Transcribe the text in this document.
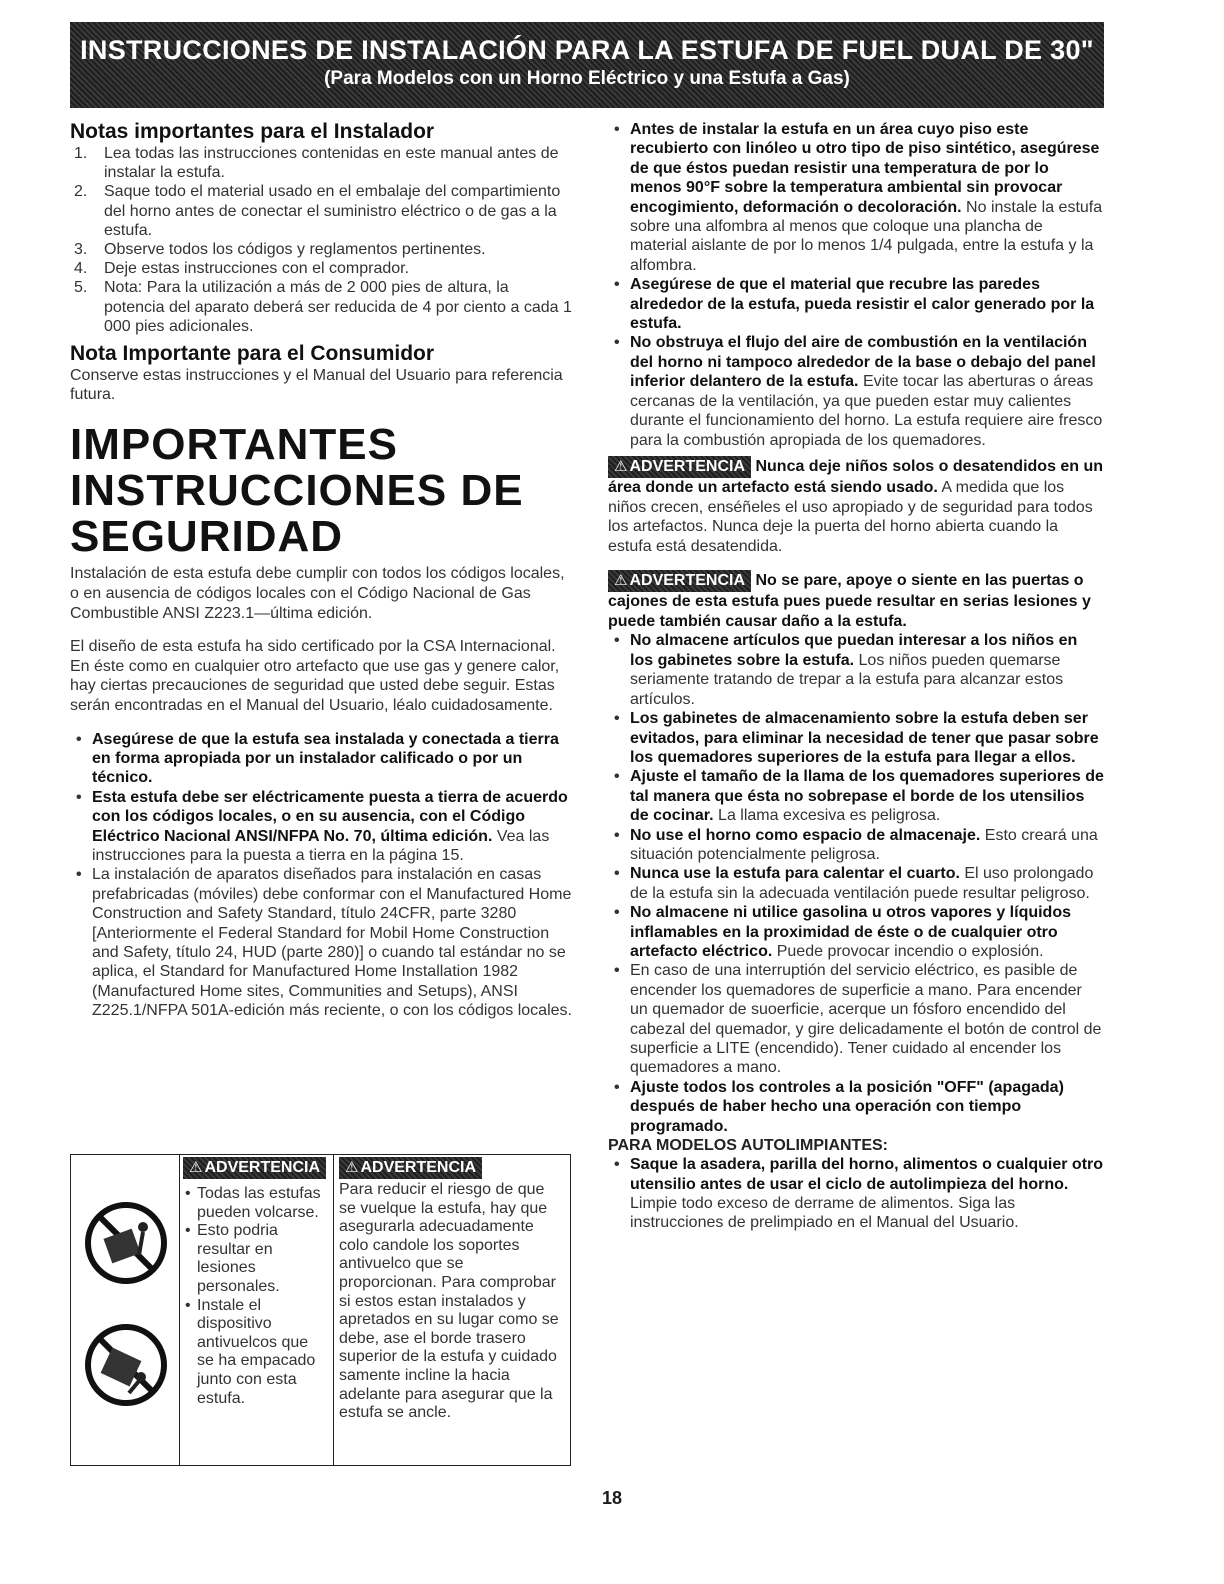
INSTRUCCIONES DE INSTALACIÓN PARA LA ESTUFA DE FUEL DUAL DE 30"
(Para Modelos con un Horno Eléctrico y una Estufa a Gas)
Notas importantes para el Instalador
1. Lea todas las instrucciones contenidas en este manual antes de instalar la estufa.
2. Saque todo el material usado en el embalaje del compartimiento del horno antes de conectar el suministro eléctrico o de gas a la estufa.
3. Observe todos los códigos y reglamentos pertinentes.
4. Deje estas instrucciones con el comprador.
5. Nota: Para la utilización a más de 2 000 pies de altura, la potencia del aparato deberá ser reducida de 4 por ciento a cada 1 000 pies adicionales.
Nota Importante para el Consumidor
Conserve estas instrucciones y el Manual del Usuario para referencia futura.
IMPORTANTES
INSTRUCCIONES DE
SEGURIDAD

Instalación de esta estufa debe cumplir con todos los códigos locales, o en ausencia de códigos locales con el Código Nacional de Gas Combustible ANSI Z223.1—última edición.

El diseño de esta estufa ha sido certificado por la CSA Internacional. En éste como en cualquier otro artefacto que use gas y genere calor, hay ciertas precauciones de seguridad que usted debe seguir. Estas serán encontradas en el Manual del Usuario, léalo cuidadosamente.

• Asegúrese de que la estufa sea instalada y conectada a tierra en forma apropiada por un instalador calificado o por un técnico.
• Esta estufa debe ser eléctricamente puesta a tierra de acuerdo con los códigos locales, o en su ausencia, con el Código Eléctrico Nacional ANSI/NFPA No. 70, última edición. Vea las instrucciones para la puesta a tierra en la página 15.
• La instalación de aparatos diseñados para instalación en casas prefabricadas (móviles) debe conformar con el Manufactured Home Construction and Safety Standard, título 24CFR, parte 3280 [Anteriormente el Federal Standard for Mobil Home Construction and Safety, título 24, HUD (parte 280)] o cuando tal estándar no se aplica, el Standard for Manufactured Home Installation 1982 (Manufactured Home sites, Communities and Setups), ANSI Z225.1/NFPA 501A-edición más reciente, o con los códigos locales.
⚠ ADVERTENCIA	⚠ ADVERTENCIA
• Todas las estufas pueden volcarse.
• Esto podria resultar en lesiones personales.
• Instale el dispositivo antivuelcos que se ha empacado junto con esta estufa.
Para reducir el riesgo de que se vuelque la estufa, hay que asegurarla adecuadamente colo candole los soportes antivuelco que se proporcionan. Para comprobar si estos estan instalados y apretados en su lugar como se debe, ase el borde trasero superior de la estufa y cuidado samente incline la hacia adelante para asegurar que la estufa se ancle.
• Antes de instalar la estufa en un área cuyo piso este recubierto con linóleo u otro tipo de piso sintético, asegúrese de que éstos puedan resistir una temperatura de por lo menos 90°F sobre la temperatura ambiental sin provocar encogimiento, deformación o decoloración. No instale la estufa sobre una alfombra al menos que coloque una plancha de material aislante de por lo menos 1/4 pulgada, entre la estufa y la alfombra.
• Asegúrese de que el material que recubre las paredes alrededor de la estufa, pueda resistir el calor generado por la estufa.
• No obstruya el flujo del aire de combustión en la ventilación del horno ni tampoco alrededor de la base o debajo del panel inferior delantero de la estufa. Evite tocar las aberturas o áreas cercanas de la ventilación, ya que pueden estar muy calientes durante el funcionamiento del horno. La estufa requiere aire fresco para la combustión apropiada de los quemadores.
⚠ ADVERTENCIA Nunca deje niños solos o desatendidos en un área donde un artefacto está siendo usado. A medida que los niños crecen, enséñeles el uso apropiado y de seguridad para todos los artefactos. Nunca deje la puerta del horno abierta cuando la estufa está desatendida.
⚠ ADVERTENCIA No se pare, apoye o siente en las puertas o cajones de esta estufa pues puede resultar en serias lesiones y puede también causar daño a la estufa.
• No almacene artículos que puedan interesar a los niños en los gabinetes sobre la estufa. Los niños pueden quemarse seriamente tratando de trepar a la estufa para alcanzar estos artículos.
• Los gabinetes de almacenamiento sobre la estufa deben ser evitados, para eliminar la necesidad de tener que pasar sobre los quemadores superiores de la estufa para llegar a ellos.
• Ajuste el tamaño de la llama de los quemadores superiores de tal manera que ésta no sobrepase el borde de los utensilios de cocinar. La llama excesiva es peligrosa.
• No use el horno como espacio de almacenaje. Esto creará una situación potencialmente peligrosa.
• Nunca use la estufa para calentar el cuarto. El uso prolongado de la estufa sin la adecuada ventilación puede resultar peligroso.
• No almacene ni utilice gasolina u otros vapores y líquidos inflamables en la proximidad de éste o de cualquier otro artefacto eléctrico. Puede provocar incendio o explosión.
• En caso de una interruptión del servicio eléctrico, es pasible de encender los quemadores de superficie a mano. Para encender un quemador de suoerficie, acerque un fósforo encendido del cabezal del quemador, y gire delicadamente el botón de control de superficie a LITE (encendido). Tener cuidado al encender los quemadores a mano.
• Ajuste todos los controles a la posición "OFF" (apagada) después de haber hecho una operación con tiempo programado.
PARA MODELOS AUTOLIMPIANTES:
• Saque la asadera, parilla del horno, alimentos o cualquier otro utensilio antes de usar el ciclo de autolimpieza del horno. Limpie todo exceso de derrame de alimentos. Siga las instrucciones de prelimpiado en el Manual del Usuario.
18
